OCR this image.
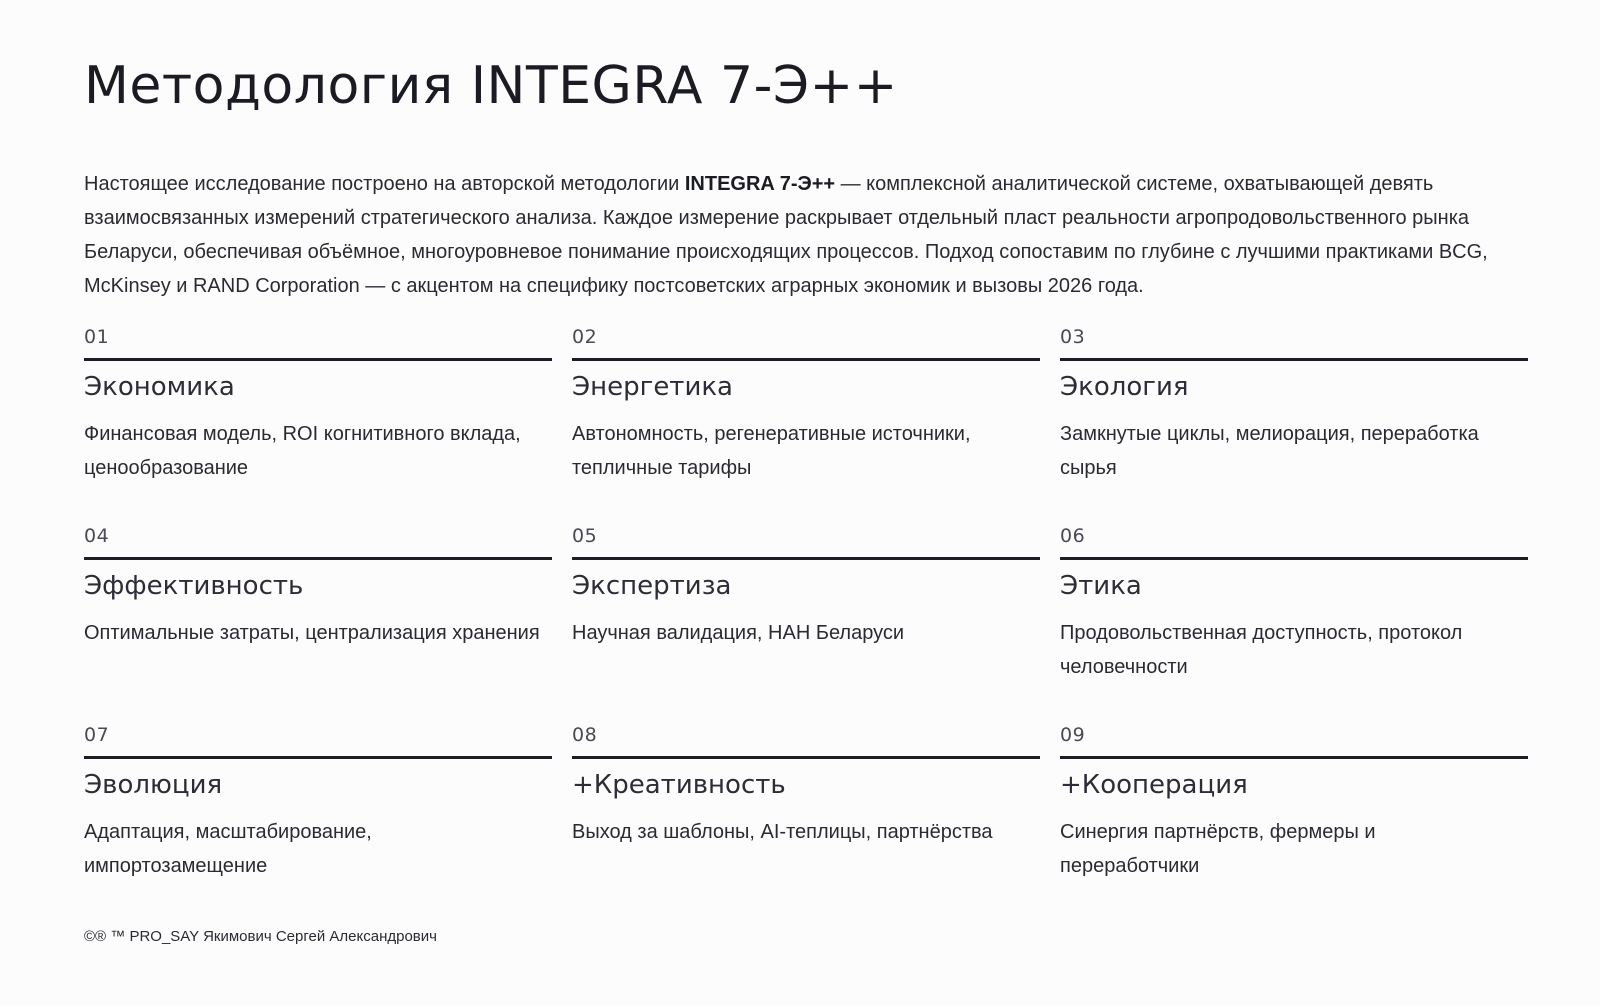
Методология INTEGRA 7-Э++

Настоящее исследование построено на авторской методологии INTEGRA 7-Э++ — комплексной аналитической системе, охватывающей девять взаимосвязанных измерений стратегического анализа. Каждое измерение раскрывает отдельный пласт реальности агропродовольственного рынка Беларуси, обеспечивая объёмное, многоуровневое понимание происходящих процессов. Подход сопоставим по глубине с лучшими практиками BCG, McKinsey и RAND Corporation — с акцентом на специфику постсоветских аграрных экономик и вызовы 2026 года.

01
Экономика

Финансовая модель, ROI когнитивного вклада, ценообразование

02
Энергетика

Автономность, регенеративные источники, тепличные тарифы

03
Экология

Замкнутые циклы, мелиорация, переработка сырья

04
Эффективность

Оптимальные затраты, централизация хранения

05
Экспертиза

Научная валидация, НАН Беларуси

06
Этика

Продовольственная доступность, протокол человечности

07
Эволюция

Адаптация, масштабирование, импортозамещение

08
+Креативность

Выход за шаблоны, AI-теплицы, партнёрства

09
+Кооперация

Синергия партнёрств, фермеры и переработчики

©® ™ PRO_SAY Якимович Сергей Александрович
